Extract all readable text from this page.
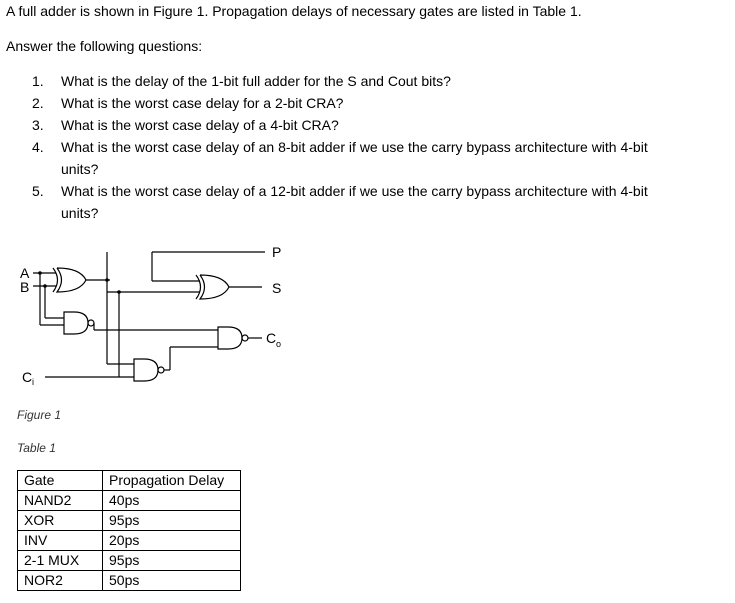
A full adder is shown in Figure 1. Propagation delays of necessary gates are listed in Table 1.
Answer the following questions:
1. What is the delay of the 1-bit full adder for the S and Cout bits?
2. What is the worst case delay for a 2-bit CRA?
3. What is the worst case delay of a 4-bit CRA?
4. What is the worst case delay of an 8-bit adder if we use the carry bypass architecture with 4-bit
units?
5. What is the worst case delay of a 12-bit adder if we use the carry bypass architecture with 4-bit
units?
A
B
C i
P
S
C o
Figure 1
Table 1
Gate	Propagation Delay
NAND2	40ps
XOR	95ps
INV	20ps
2-1 MUX	95ps
NOR2	50ps
